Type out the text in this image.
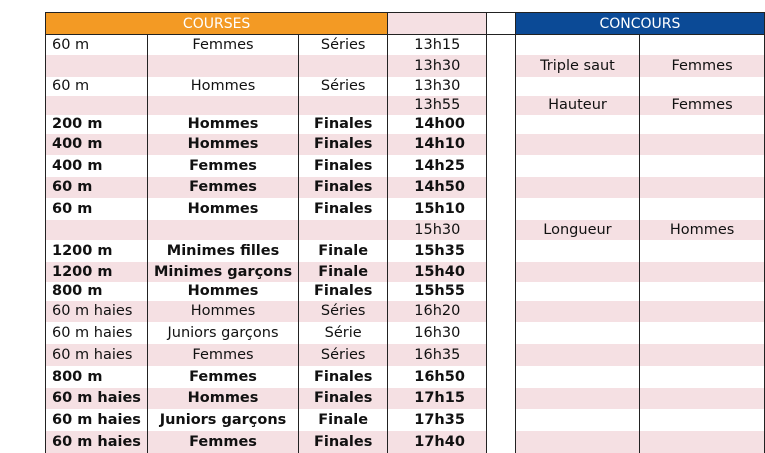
COURSES					CONCOURS	
60 m	Femmes	Séries	13h15			
			13h30		Triple saut	Femmes
60 m	Hommes	Séries	13h30			
			13h55		Hauteur	Femmes
200 m	Hommes	Finales	14h00			
400 m	Hommes	Finales	14h10			
400 m	Femmes	Finales	14h25			
60 m	Femmes	Finales	14h50			
60 m	Hommes	Finales	15h10			
			15h30		Longueur	Hommes
1200 m	Minimes filles	Finale	15h35			
1200 m	Minimes garçons	Finale	15h40			
800 m	Hommes	Finales	15h55			
60 m haies	Hommes	Séries	16h20			
60 m haies	Juniors garçons	Série	16h30			
60 m haies	Femmes	Séries	16h35			
800 m	Femmes	Finales	16h50			
60 m haies	Hommes	Finales	17h15			
60 m haies	Juniors garçons	Finale	17h35			
60 m haies	Femmes	Finales	17h40			
